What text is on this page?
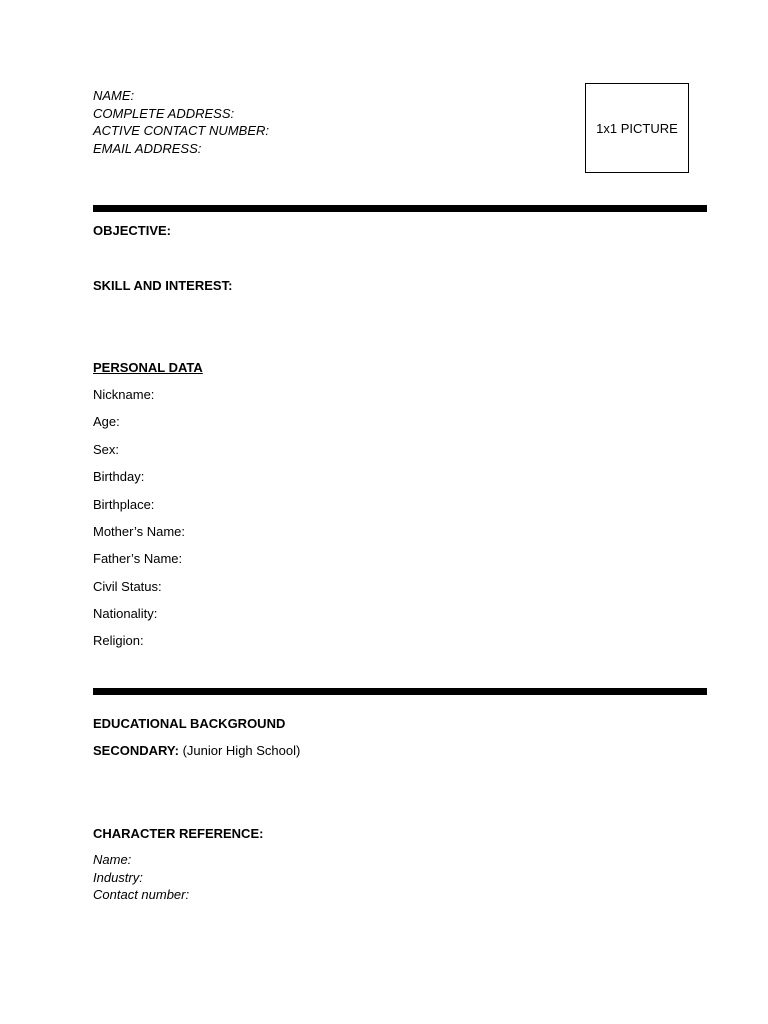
NAME:
COMPLETE ADDRESS:
ACTIVE CONTACT NUMBER:
EMAIL ADDRESS:
1x1 PICTURE
OBJECTIVE:
SKILL AND INTEREST:
PERSONAL DATA
Nickname:
Age:
Sex:
Birthday:
Birthplace:
Mother’s Name:
Father’s Name:
Civil Status:
Nationality:
Religion:
EDUCATIONAL BACKGROUND
SECONDARY: (Junior High School)
CHARACTER REFERENCE:
Name:
Industry:
Contact number:
